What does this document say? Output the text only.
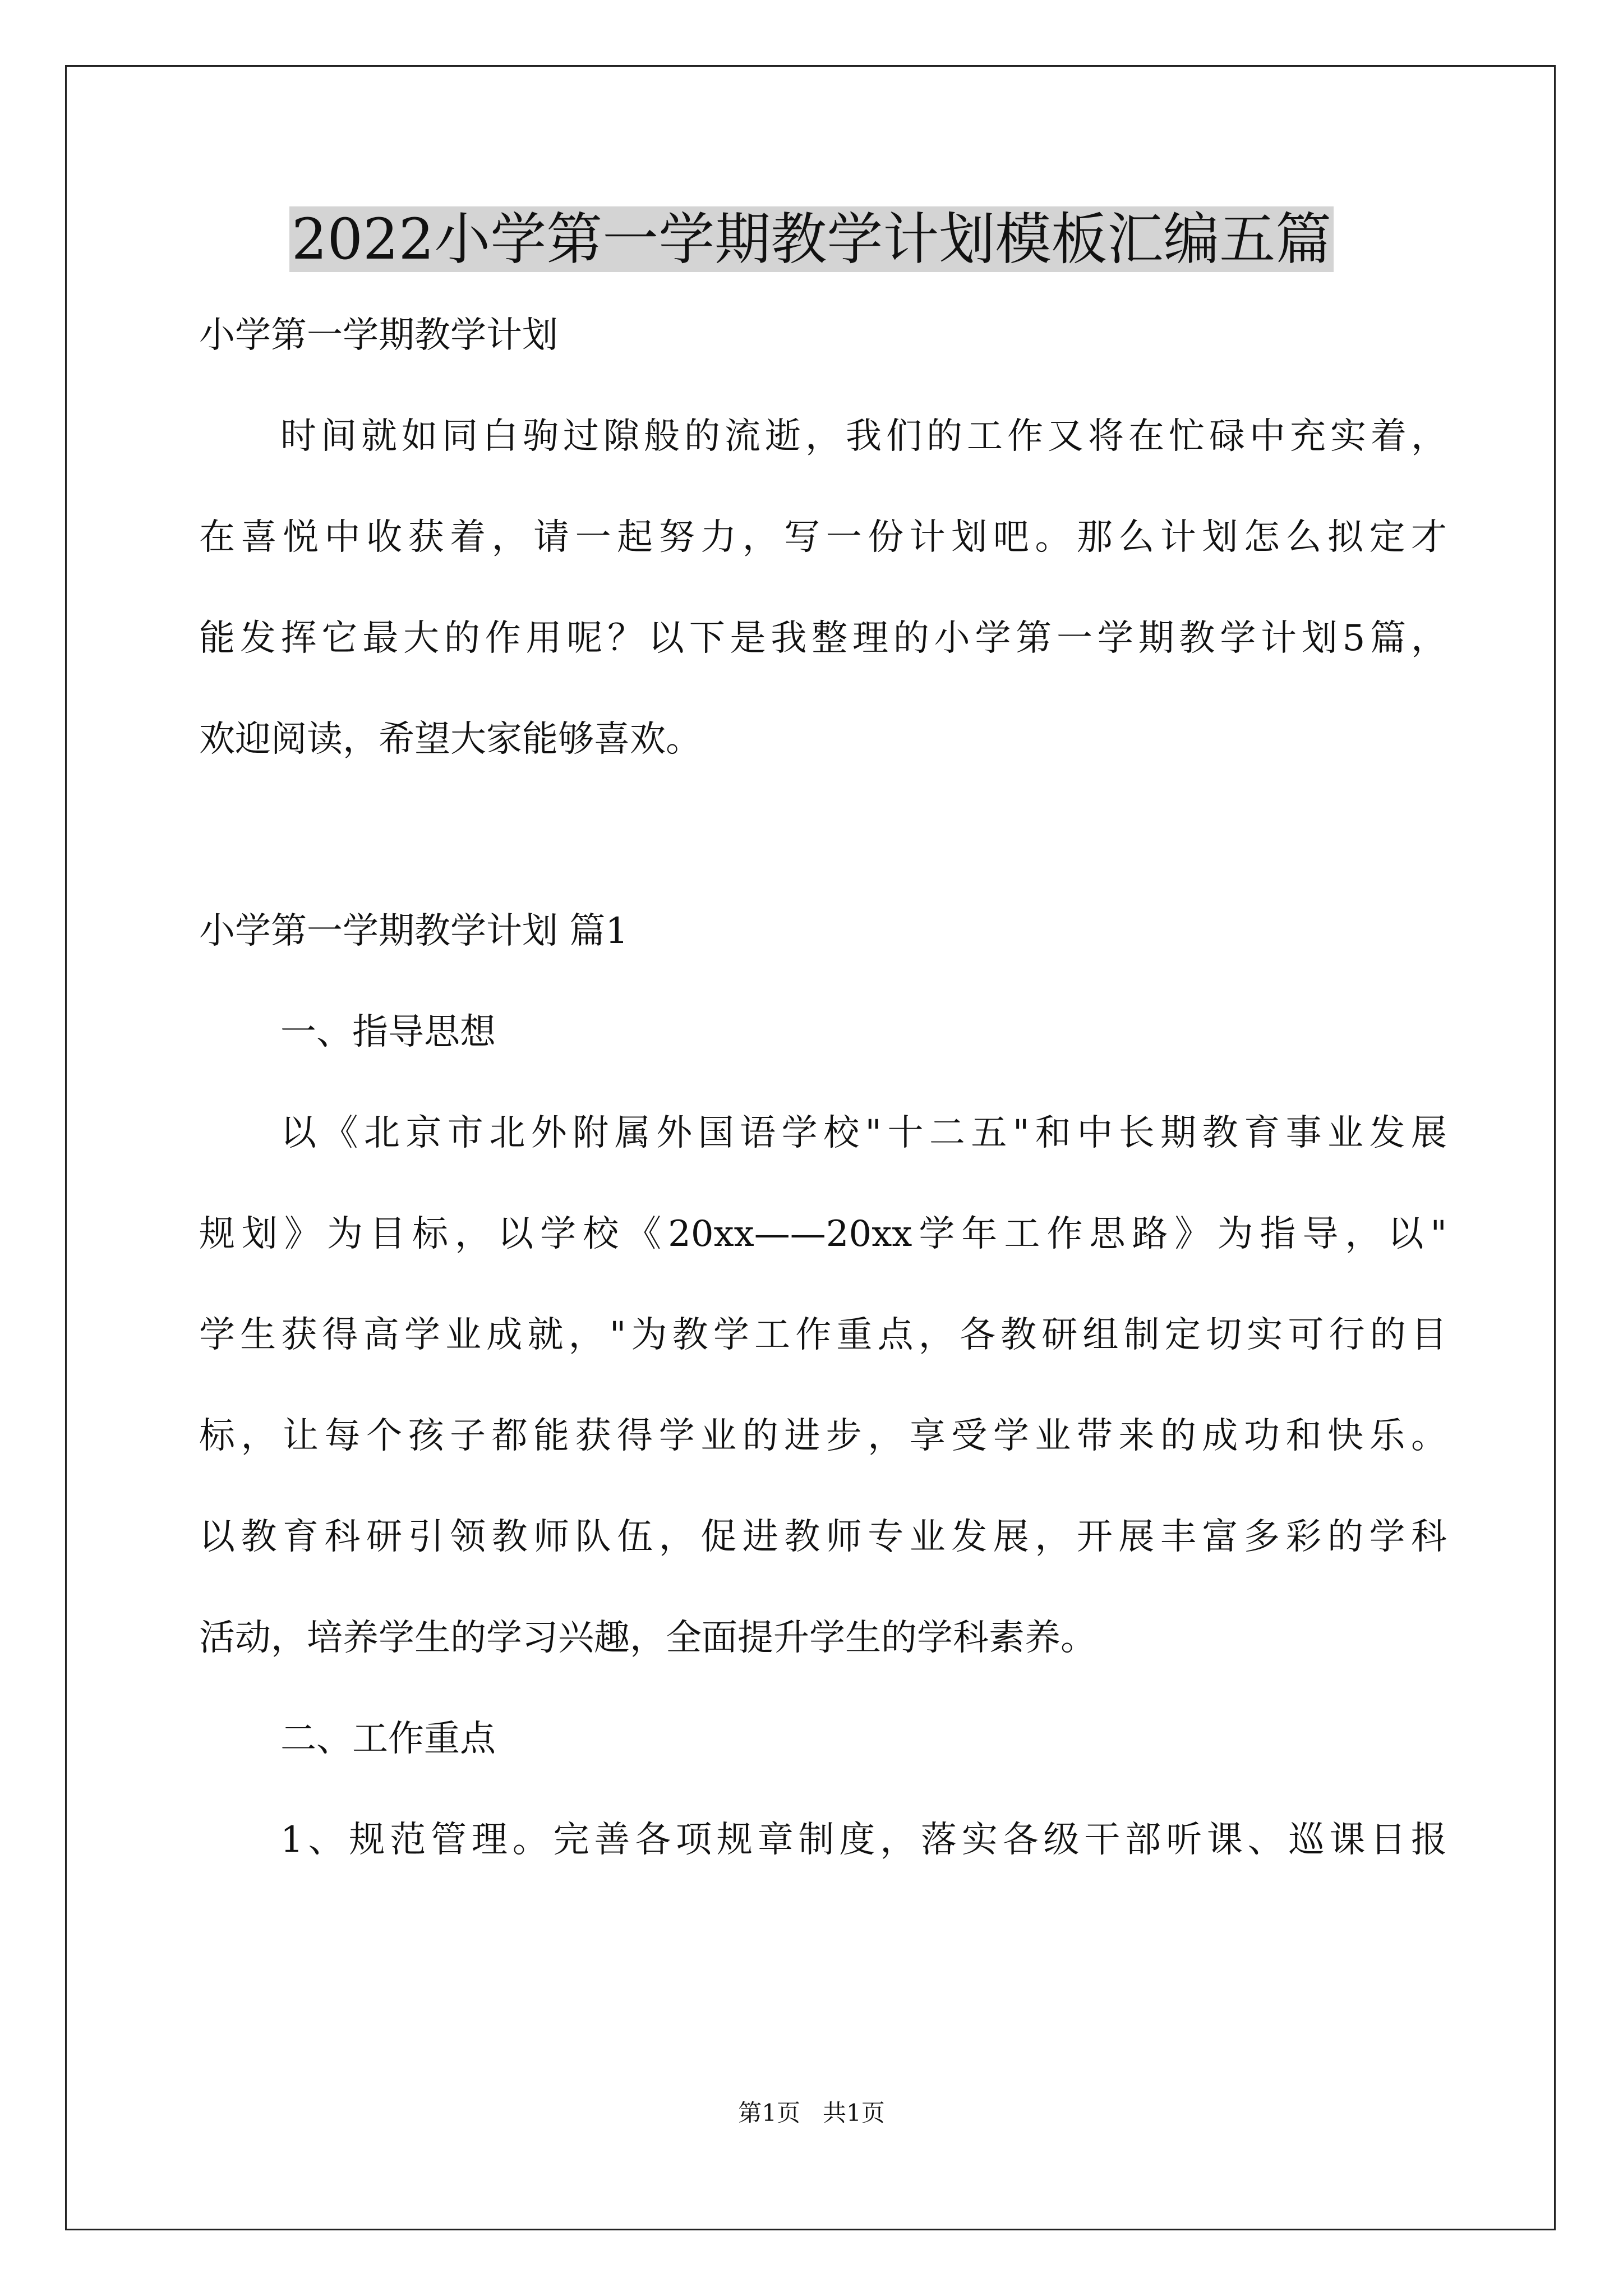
2022小学第一学期教学计划模板汇编五篇
小学第一学期教学计划
时间就如同白驹过隙般的流逝，我们的工作又将在忙碌中充实着，
在喜悦中收获着，请一起努力，写一份计划吧。那么计划怎么拟定才
能发挥它最大的作用呢？以下是我整理的小学第一学期教学计划5篇，
欢迎阅读，希望大家能够喜欢。
小学第一学期教学计划 篇1
一、指导思想
以《北京市北外附属外国语学校"十二五"和中长期教育事业发展
规划》为目标，以学校《20xx——20xx学年工作思路》为指导，以"
学生获得高学业成就，"为教学工作重点，各教研组制定切实可行的目
标，让每个孩子都能获得学业的进步，享受学业带来的成功和快乐。
以教育科研引领教师队伍，促进教师专业发展，开展丰富多彩的学科
活动，培养学生的学习兴趣，全面提升学生的学科素养。
二、工作重点
1、规范管理。完善各项规章制度，落实各级干部听课、巡课日报
第1页   共1页
